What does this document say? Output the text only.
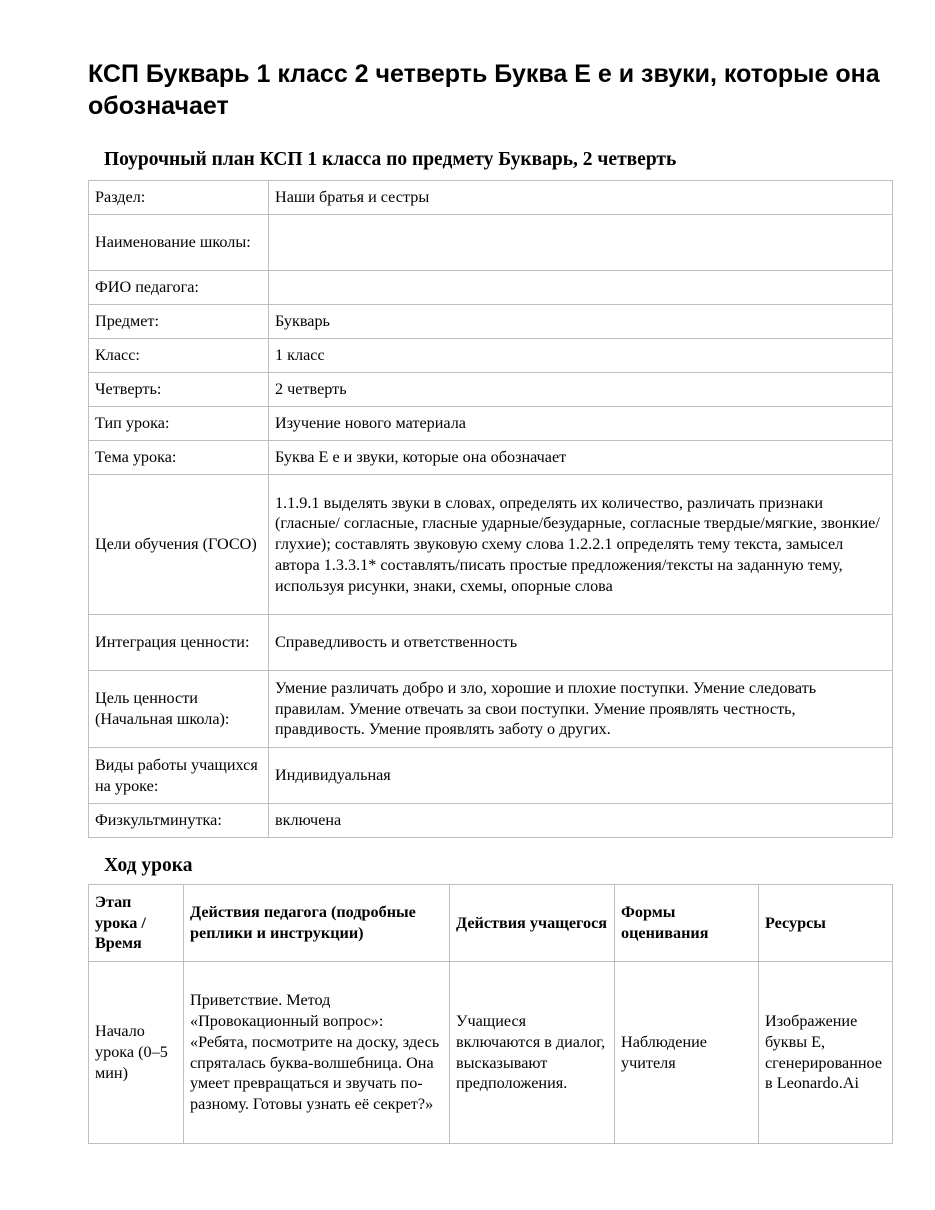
КСП Букварь 1 класс 2 четверть Буква Е е и звуки, которые она обозначает
Поурочный план КСП 1 класса по предмету Букварь, 2 четверть
Раздел:	Наши братья и сестры
Наименование школы:	
ФИО педагога:	
Предмет:	Букварь
Класс:	1 класс
Четверть:	2 четверть
Тип урока:	Изучение нового материала
Тема урока:	Буква Е е и звуки, которые она обозначает
Цели обучения (ГОСО)	1.1.9.1 выделять звуки в словах, определять их количество, различать признаки (гласные/ согласные, гласные ударные/безударные, согласные твердые/мягкие, звонкие/глухие); составлять звуковую схему слова 1.2.2.1 определять тему текста, замысел автора 1.3.3.1* составлять/писать простые предложения/тексты на заданную тему, используя рисунки, знаки, схемы, опорные слова
Интеграция ценности:	Справедливость и ответственность
Цель ценности (Начальная школа):	Умение различать добро и зло, хорошие и плохие поступки. Умение следовать правилам. Умение отвечать за свои поступки. Умение проявлять честность, правдивость. Умение проявлять заботу о других.
Виды работы учащихся на уроке:	Индивидуальная
Физкультминутка:	включена
Ход урока
Этап урока / Время	Действия педагога (подробные реплики и инструкции)	Действия учащегося	Формы оценивания	Ресурсы
Начало урока (0–5 мин)	Приветствие. Метод «Провокационный вопрос»: «Ребята, посмотрите на доску, здесь спряталась буква-волшебница. Она умеет превращаться и звучать по-разному. Готовы узнать её секрет?»	Учащиеся включаются в диалог, высказывают предположения.	Наблюдение учителя	Изображение буквы Е, сгенерированное в Leonardo.Ai
